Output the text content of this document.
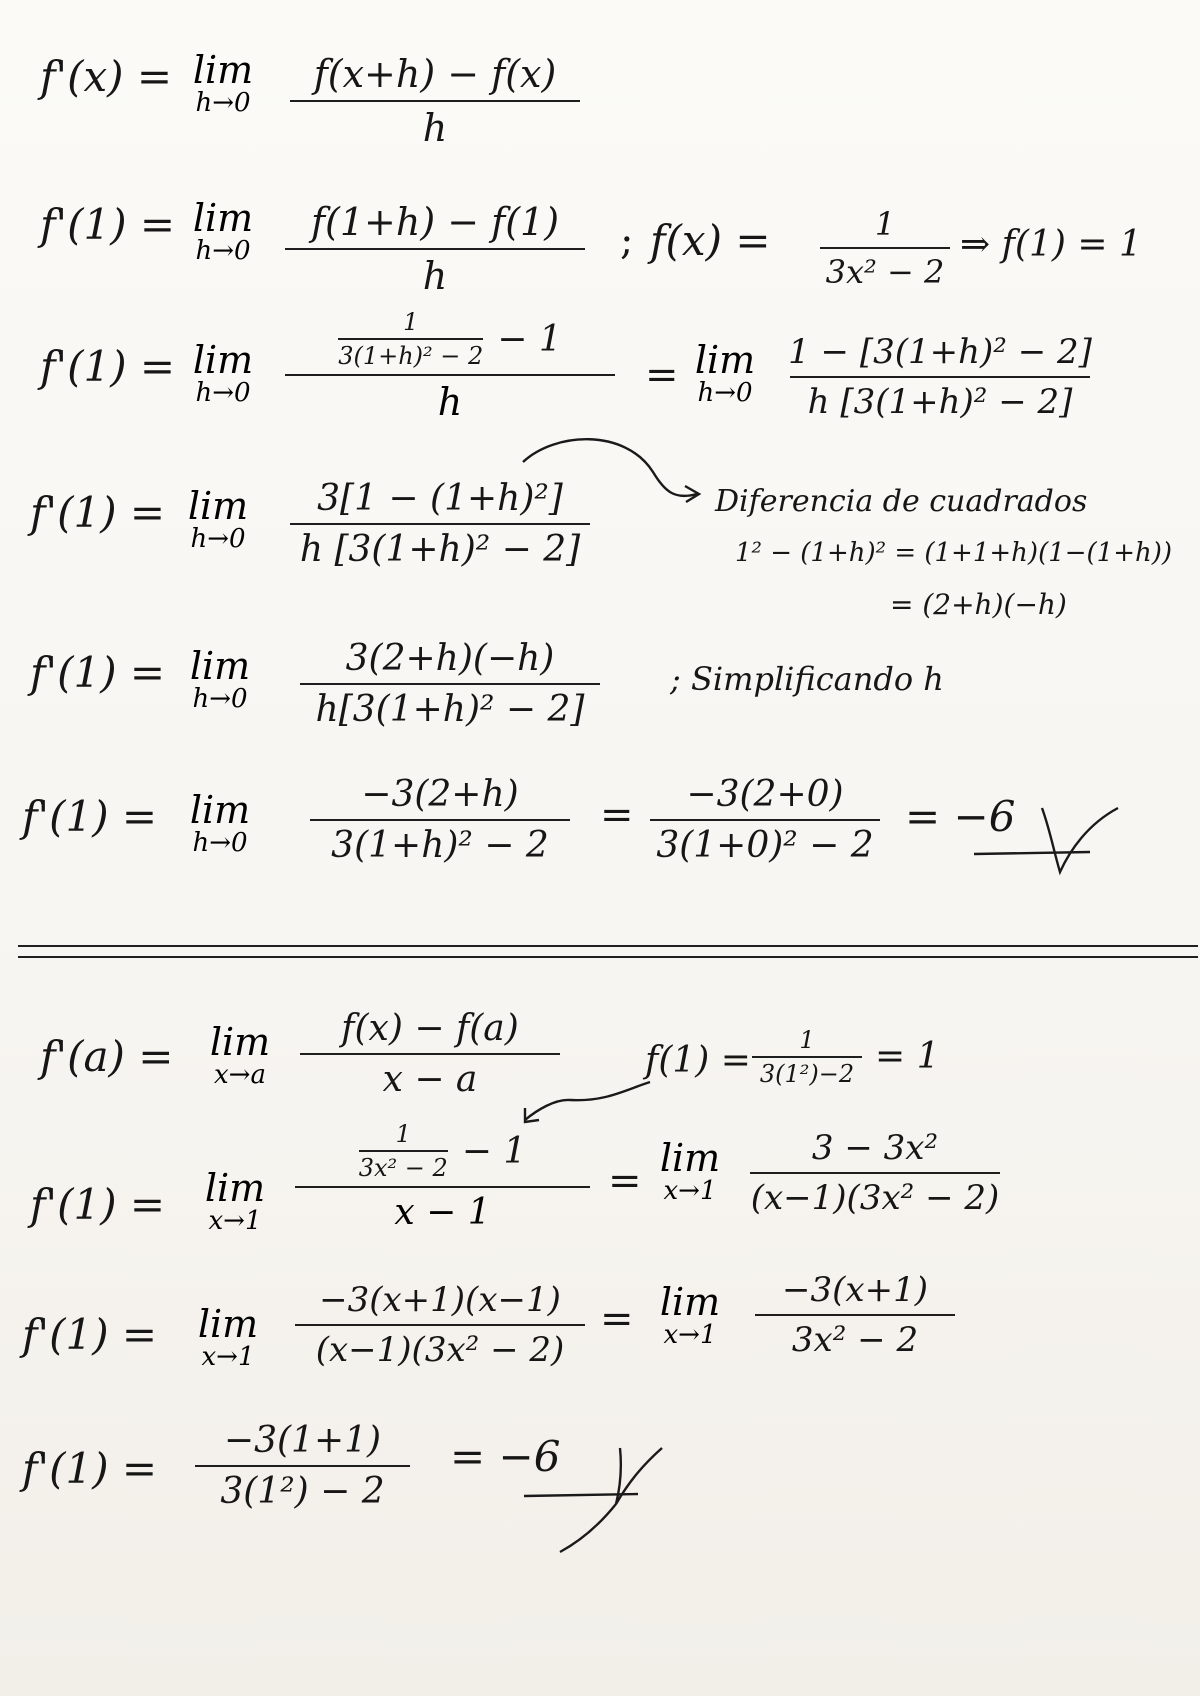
f'(x) = lim
h→0
f(x+h) − f(x)
h
f'(1) = lim
h→0
f(1+h) − f(1)
h
; f(x) =	1
3x² − 2
⇒ f(1) = 1
f'(1) = lim
h→0
$\frac{1}{\text{3(1+h)² − 2}} - 1$
h
= lim
h→0
1 − [3(1+h)² − 2]
h [3(1+h)² − 2]
f'(1) = lim
h→0
3[1 − (1+h)²]
h [3(1+h)² − 2]
Diferencia de cuadrados
1² − (1+h)² = (1+1+h)(1−(1+h))
= (2+h)(−h)
f'(1) = lim
h→0
3(2+h)(−h)
h[3(1+h)² − 2]
; Simplificando h
f'(1) = lim
h→0
−3(2+h)
3(1+h)² − 2
= −3(2+0)
3(1+0)² − 2
= −6
f'(a) = lim
x→a
f(x) − f(a)
x − a	f(1) = 1
3(1²)−2 = 1
f'(1) =	lim
x→1
$\frac{1}{\text{3x² − 2}} - 1$
x − 1
= lim
x→1
3 − 3x²
(x−1)(3x² − 2)
f'(1) =	lim
x→1
−3(x+1)(x−1)
(x−1)(3x² − 2)
= lim
x→1
−3(x+1)
3x² − 2
f'(1) =
−3(1+1)
3(1²) − 2
= −6
